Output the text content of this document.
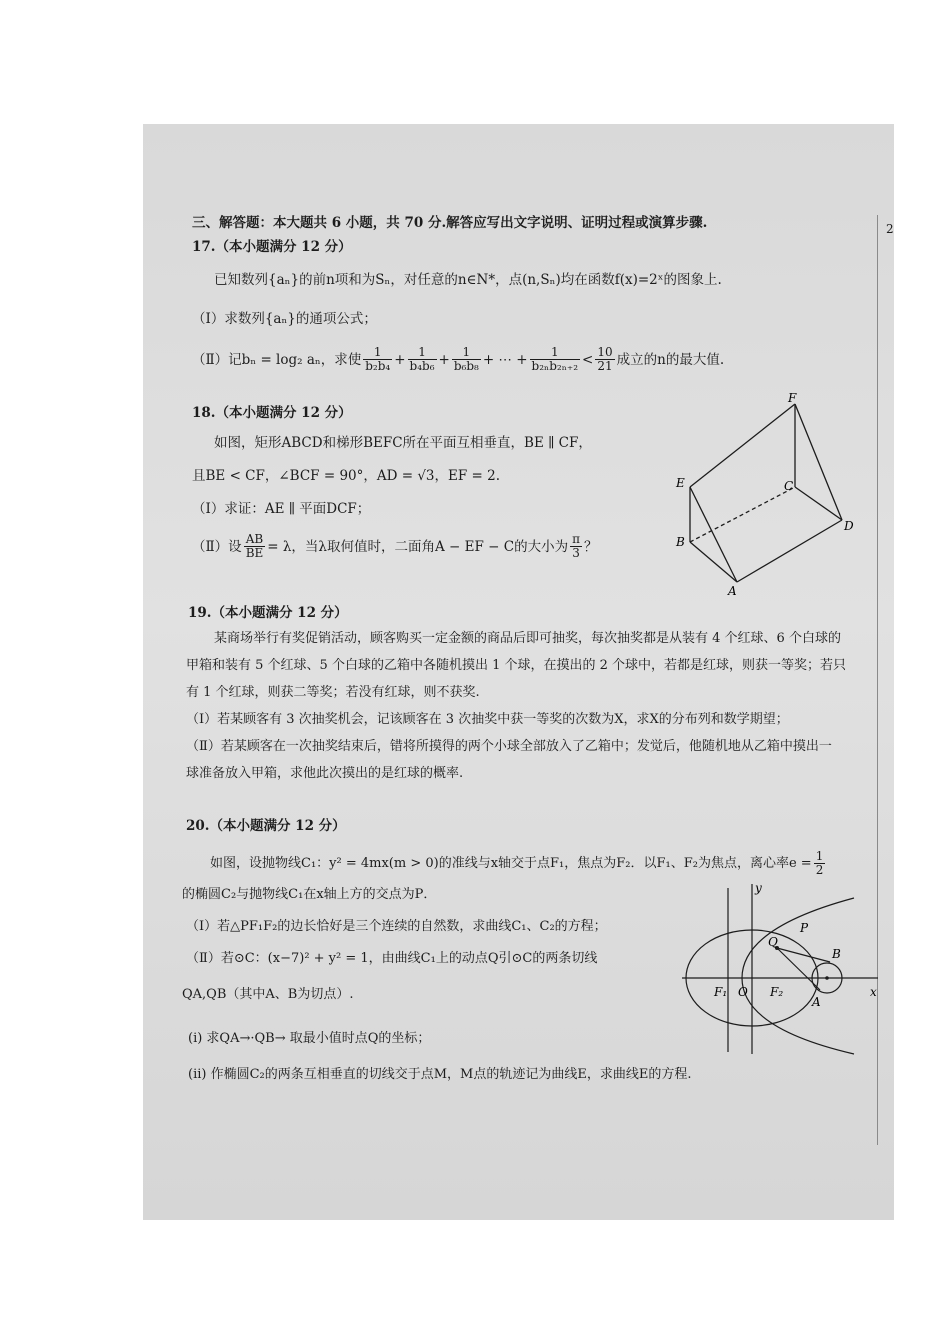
2
三、解答题：本大题共 6 小题，共 70 分.解答应写出文字说明、证明过程或演算步骤.
17.（本小题满分 12 分）
已知数列{aₙ}的前n项和为Sₙ，对任意的n∈N*，点(n,Sₙ)均在函数f(x)=2ˣ的图象上.
（Ⅰ）求数列{aₙ}的通项公式；
（Ⅱ）记bₙ = log₂ aₙ，求使 $\frac{1}{\text{b₂b₄}} + \frac{1}{\text{b₄b₆}} + \frac{1}{\text{b₆b₈}}$ + ⋯ + $\frac{1}{\text{b₂ₙb₂ₙ₊₂}} < \frac{10}{21}$ 成立的n的最大值.
18.（本小题满分 12 分）
如图，矩形ABCD和梯形BEFC所在平面互相垂直，BE ∥ CF，
且BE < CF，∠BCF = 90°，AD = √3，EF = 2.
（Ⅰ）求证：AE ∥ 平面DCF；
（Ⅱ）设 $\frac{AB}{BE} = \lambda$，当λ取何值时，二面角A − EF − C的大小为 $\frac{\pi}{3}$ ？
F
E	C
B
D
A
19.（本小题满分 12 分）
某商场举行有奖促销活动，顾客购买一定金额的商品后即可抽奖，每次抽奖都是从装有 4 个红球、6 个白球的
甲箱和装有 5 个红球、5 个白球的乙箱中各随机摸出 1 个球，在摸出的 2 个球中，若都是红球，则获一等奖；若只
有 1 个红球，则获二等奖；若没有红球，则不获奖.
（Ⅰ）若某顾客有 3 次抽奖机会，记该顾客在 3 次抽奖中获一等奖的次数为X，求X的分布列和数学期望；
（Ⅱ）若某顾客在一次抽奖结束后，错将所摸得的两个小球全部放入了乙箱中；发觉后，他随机地从乙箱中摸出一
球准备放入甲箱，求他此次摸出的是红球的概率.
20.（本小题满分 12 分）
如图，设抛物线C₁：y² = 4mx(m > 0)的准线与x轴交于点F₁，焦点为F₂．以F₁、F₂为焦点，离心率$e = \frac{1}{2}$
的椭圆C₂与抛物线C₁在x轴上方的交点为P．
（Ⅰ）若△PF₁F₂的边长恰好是三个连续的自然数，求曲线C₁、C₂的方程；
（Ⅱ）若⊙C：(x−7)² + y² = 1，由曲线C₁上的动点Q引⊙C的两条切线
QA,QB（其中A、B为切点）.
(i) 求QA→·QB→ 取最小值时点Q的坐标；
(ii) 作椭圆C₂的两条互相垂直的切线交于点M，M点的轨迹记为曲线E，求曲线E的方程.
y
P
Q
B
F₁ O F₂
A
x
